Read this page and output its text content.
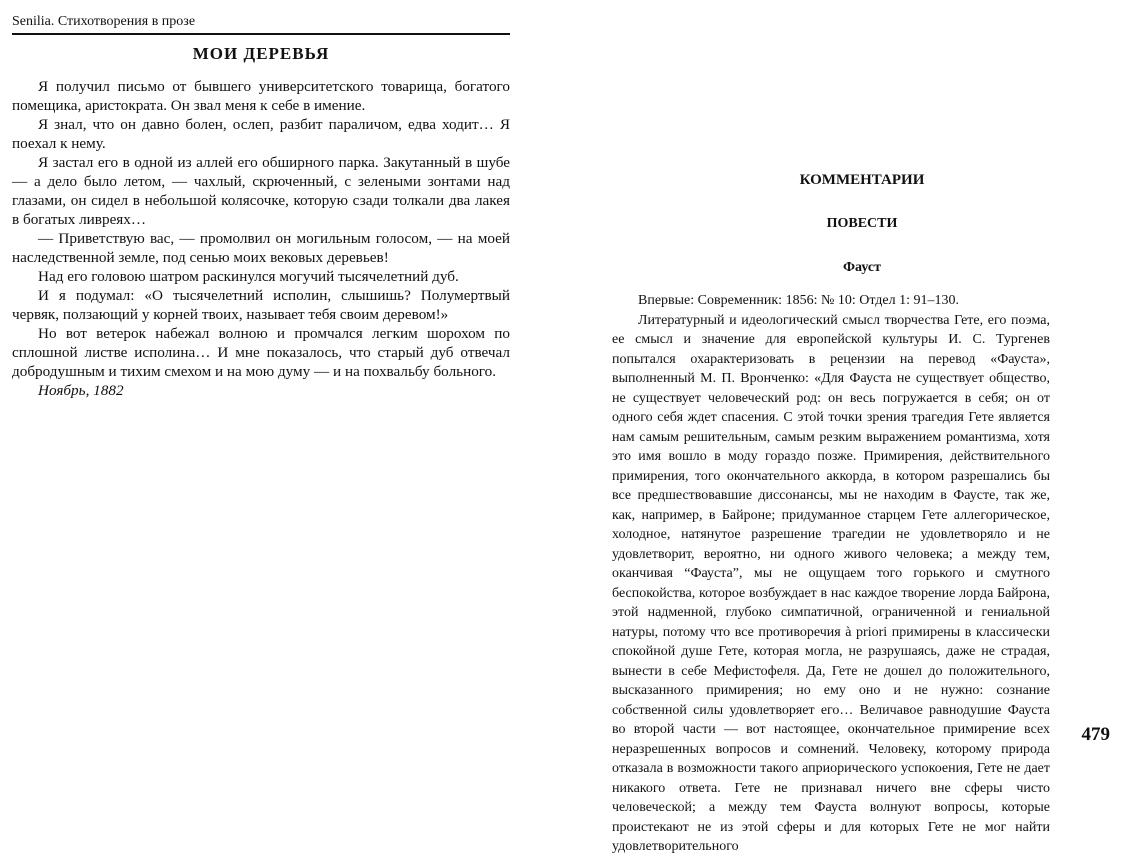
Senilia. Стихотворения в прозе
МОИ ДЕРЕВЬЯ

Я получил письмо от бывшего университетского товарища, богатого помещика, аристократа. Он звал меня к себе в имение.

Я знал, что он давно болен, ослеп, разбит параличом, едва ходит… Я поехал к нему.

Я застал его в одной из аллей его обширного парка. Закутанный в шубе — а дело было летом, — чахлый, скрюченный, с зелеными зонтами над глазами, он сидел в небольшой колясочке, которую сзади толкали два лакея в богатых ливреях…

— Приветствую вас, — промолвил он могильным голосом, — на моей наследственной земле, под сенью моих вековых деревьев!

Над его головою шатром раскинулся могучий тысячелетний дуб.

И я подумал: «О тысячелетний исполин, слышишь? Полумертвый червяк, ползающий у корней твоих, называет тебя своим деревом!»

Но вот ветерок набежал волною и промчался легким шорохом по сплошной листве исполина… И мне показалось, что старый дуб отвечал добродушным и тихим смехом и на мою думу — и на похвальбу больного.

Ноябрь, 1882

КОММЕНТАРИИ
ПОВЕСТИ
Фауст

Впервые: Современник: 1856: № 10: Отдел 1: 91–130.

Литературный и идеологический смысл творчества Гете, его поэма, ее смысл и значение для европейской культуры И. С. Тургенев попытался охарактеризовать в рецензии на перевод «Фауста», выполненный М. П. Вронченко: «Для Фауста не существует общество, не существует человеческий род: он весь погружается в себя; он от одного себя ждет спасения. С этой точки зрения трагедия Гете является нам самым решительным, самым резким выражением романтизма, хотя это имя вошло в моду гораздо позже. Примирения, действительного примирения, того окончательного аккорда, в котором разрешались бы все предшествовавшие диссонансы, мы не находим в Фаусте, так же, как, например, в Байроне; придуманное старцем Гете аллегорическое, холодное, натянутое разрешение трагедии не удовлетворяло и не удовлетворит, вероятно, ни одного живого человека; а между тем, оканчивая “Фауста”, мы не ощущаем того горького и смутного беспокойства, которое возбуждает в нас каждое творение лорда Байрона, этой надменной, глубоко симпатичной, ограниченной и гениальной натуры, потому что все противоречия à priori примирены в классически спокойной душе Гете, которая могла, не разрушаясь, даже не страдая, вынести в себе Мефистофеля. Да, Гете не дошел до положительного, высказанного примирения; но ему оно и не нужно: сознание собственной силы удовлетворяет его… Величавое равнодушие Фауста во второй части — вот настоящее, окончательное примирение всех неразрешенных вопросов и сомнений. Человеку, которому природа отказала в возможности такого априорического успокоения, Гете не дает никакого ответа. Гете не признавал ничего вне сферы чисто человеческой; а между тем Фауста волнуют вопросы, которые проистекают не из этой сферы и для которых Гете не мог найти удовлетворительного

479
